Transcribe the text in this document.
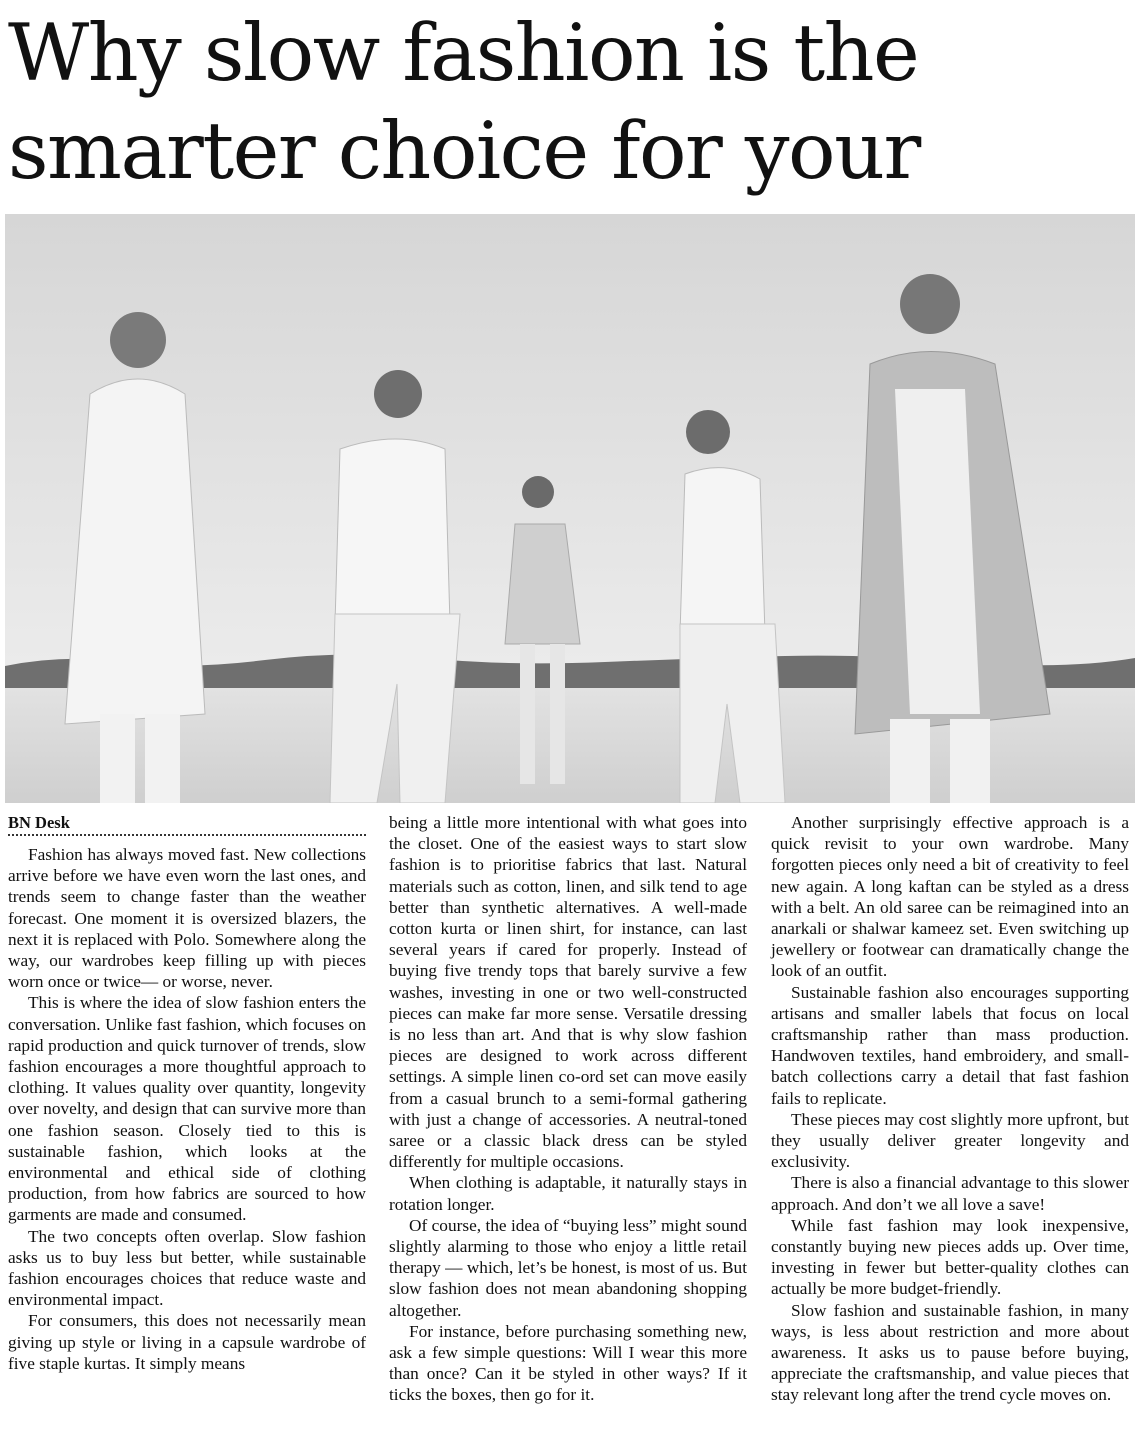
Why slow fashion is the
smarter choice for your
BN Desk

Fashion has always moved fast. New collections arrive before we have even worn the last ones, and trends seem to change faster than the weather forecast. One moment it is oversized blazers, the next it is replaced with Polo. Somewhere along the way, our wardrobes keep filling up with pieces worn once or twice— or worse, never.

This is where the idea of slow fashion enters the conversation. Unlike fast fashion, which focuses on rapid production and quick turnover of trends, slow fashion encourages a more thoughtful approach to clothing. It values quality over quantity, longevity over novelty, and design that can survive more than one fashion season. Closely tied to this is sustainable fashion, which looks at the environmental and ethical side of clothing production, from how fabrics are sourced to how garments are made and consumed.

The two concepts often overlap. Slow fashion asks us to buy less but better, while sustainable fashion encourages choices that reduce waste and environmental impact.

For consumers, this does not necessarily mean giving up style or living in a capsule wardrobe of five staple kurtas. It simply means

being a little more intentional with what goes into the closet. One of the easiest ways to start slow fashion is to prioritise fabrics that last. Natural materials such as cotton, linen, and silk tend to age better than synthetic alternatives. A well-made cotton kurta or linen shirt, for instance, can last several years if cared for properly. Instead of buying five trendy tops that barely survive a few washes, investing in one or two well-constructed pieces can make far more sense. Versatile dressing is no less than art. And that is why slow fashion pieces are designed to work across different settings. A simple linen co-ord set can move easily from a casual brunch to a semi-formal gathering with just a change of accessories. A neutral-toned saree or a classic black dress can be styled differently for multiple occasions.

When clothing is adaptable, it naturally stays in rotation longer.

Of course, the idea of “buying less” might sound slightly alarming to those who enjoy a little retail therapy — which, let’s be honest, is most of us. But slow fashion does not mean abandoning shopping altogether.

For instance, before purchasing something new, ask a few simple questions: Will I wear this more than once? Can it be styled in other ways? If it ticks the boxes, then go for it.

Another surprisingly effective approach is a quick revisit to your own wardrobe. Many forgotten pieces only need a bit of creativity to feel new again. A long kaftan can be styled as a dress with a belt. An old saree can be reimagined into an anarkali or shalwar kameez set. Even switching up jewellery or footwear can dramatically change the look of an outfit.

Sustainable fashion also encourages supporting artisans and smaller labels that focus on local craftsmanship rather than mass production. Handwoven textiles, hand embroidery, and small-batch collections carry a detail that fast fashion fails to replicate.

These pieces may cost slightly more upfront, but they usually deliver greater longevity and exclusivity.

There is also a financial advantage to this slower approach. And don’t we all love a save!

While fast fashion may look inexpensive, constantly buying new pieces adds up. Over time, investing in fewer but better-quality clothes can actually be more budget-friendly.

Slow fashion and sustainable fashion, in many ways, is less about restriction and more about awareness. It asks us to pause before buying, appreciate the craftsmanship, and value pieces that stay relevant long after the trend cycle moves on.
